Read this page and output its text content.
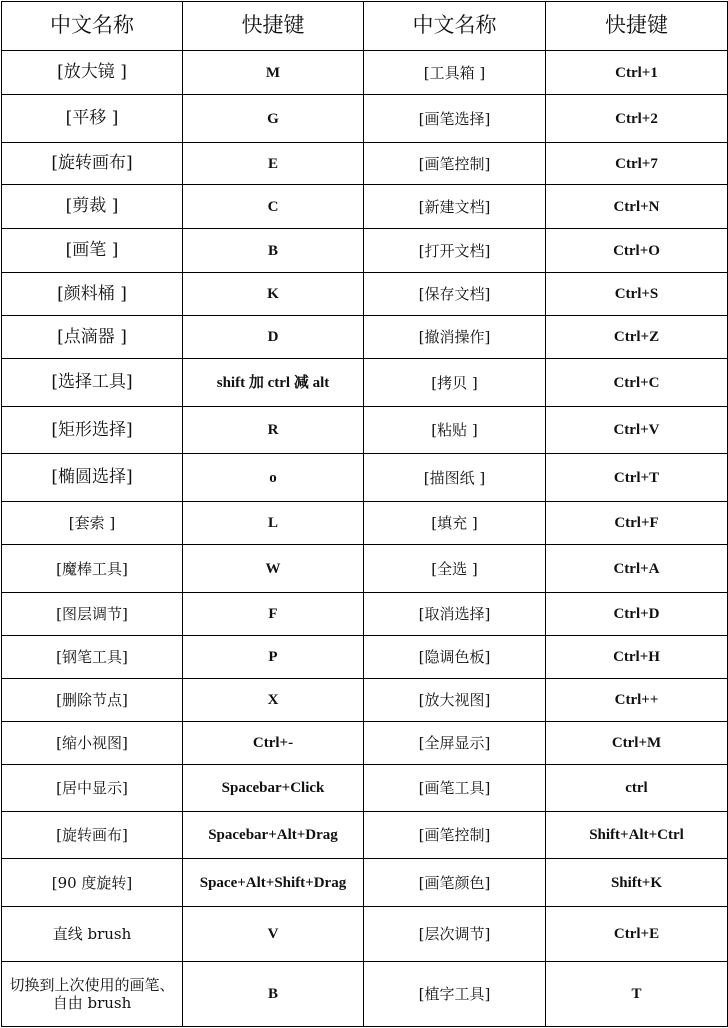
中文名称	快捷键	中文名称	快捷键
[放大镜 ]	M	[工具箱 ]	Ctrl+1
[平移 ]	G	[画笔选择]	Ctrl+2
[旋转画布]	E	[画笔控制]	Ctrl+7
[剪裁 ]	C	[新建文档]	Ctrl+N
[画笔 ]	B	[打开文档]	Ctrl+O
[颜料桶 ]	K	[保存文档]	Ctrl+S
[点滴器 ]	D	[撤消操作]	Ctrl+Z
[选择工具]	shift 加 ctrl 减 alt	[拷贝 ]	Ctrl+C
[矩形选择]	R	[粘贴 ]	Ctrl+V
[椭圆选择]	o	[描图纸 ]	Ctrl+T
[套索 ]	L	[填充 ]	Ctrl+F
[魔棒工具]	W	[全选 ]	Ctrl+A
[图层调节]	F	[取消选择]	Ctrl+D
[钢笔工具]	P	[隐调色板]	Ctrl+H
[删除节点]	X	[放大视图]	Ctrl++
[缩小视图]	Ctrl+-	[全屏显示]	Ctrl+M
[居中显示]	Spacebar+Click	[画笔工具]	ctrl
[旋转画布]	Spacebar+Alt+Drag	[画笔控制]	Shift+Alt+Ctrl
[90 度旋转]	Space+Alt+Shift+Drag	[画笔颜色]	Shift+K
直线 brush	V	[层次调节]	Ctrl+E
切换到上次使用的画笔、自由 brush	B	[植字工具]	T
